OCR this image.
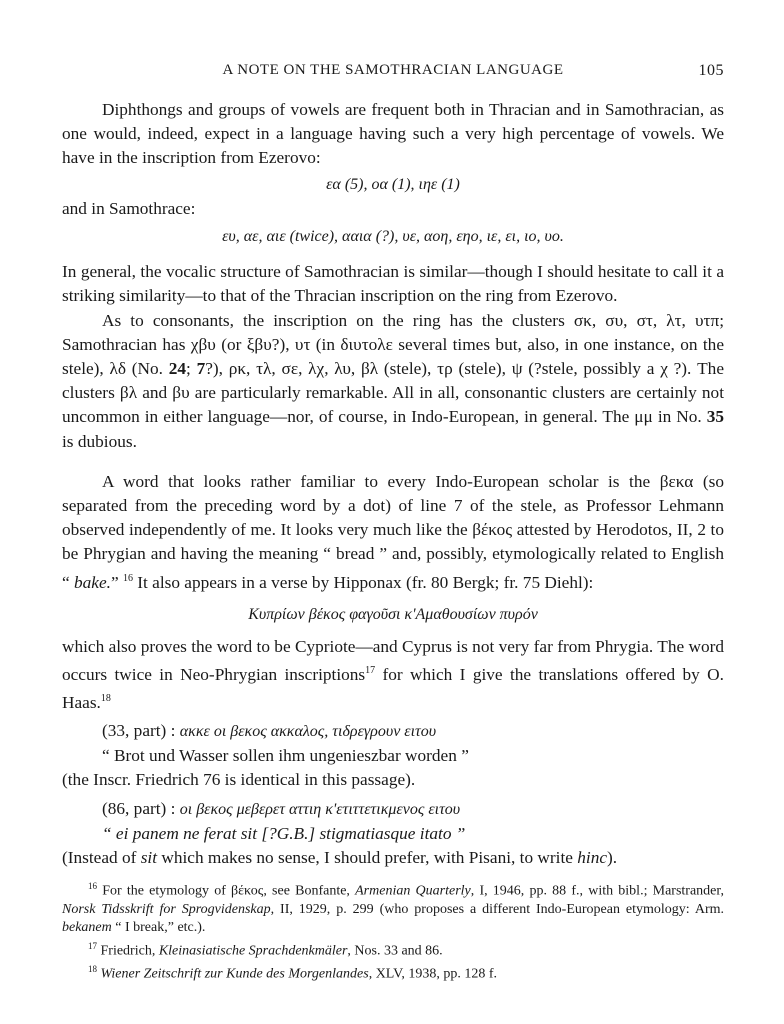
A NOTE ON THE SAMOTHRACIAN LANGUAGE	105

Diphthongs and groups of vowels are frequent both in Thracian and in Samothracian, as one would, indeed, expect in a language having such a very high percentage of vowels. We have in the inscription from Ezerovo:

εα (5), οα (1), ιηε (1)

and in Samothrace:

ευ, αε, αιε (twice), ααια (?), υε, αοη, εηο, ιε, ει, ιο, υο.

In general, the vocalic structure of Samothracian is similar—though I should hesitate to call it a striking similarity—to that of the Thracian inscription on the ring from Ezerovo.

As to consonants, the inscription on the ring has the clusters σκ, συ, στ, λτ, υτπ; Samothracian has χβυ (or ξβυ?), υτ (in διυτολε several times but, also, in one instance, on the stele), λδ (No. 24; 7?), ρκ, τλ, σε, λχ, λυ, βλ (stele), τρ (stele), ψ (?stele, possibly a χ ?). The clusters βλ and βυ are particularly remarkable. All in all, consonantic clusters are certainly not uncommon in either language—nor, of course, in Indo-European, in general. The μμ in No. 35 is dubious.

A word that looks rather familiar to every Indo-European scholar is the βεκα (so separated from the preceding word by a dot) of line 7 of the stele, as Professor Lehmann observed independently of me. It looks very much like the βέκος attested by Herodotos, II, 2 to be Phrygian and having the meaning “ bread ” and, possibly, etymologically related to English “ bake.” $^{16}$ It also appears in a verse by Hipponax (fr. 80 Bergk; fr. 75 Diehl):

Κυπρίων βέκος φαγοῦσι κ'Αμαθουσίων πυρόν

which also proves the word to be Cypriote—and Cyprus is not very far from Phrygia. The word occurs twice in Neo-Phrygian inscriptions$^{17}$ for which I give the translations offered by O. Haas.$^{18}$

(33, part) : ακκε οι βεκος ακκαλος, τιδρεγρουν ειτου

“ Brot und Wasser sollen ihm ungenieszbar worden ”

(the Inscr. Friedrich 76 is identical in this passage).

(86, part) : οι βεκος μεβερετ αττιη κ'ετιττετικμενος ειτου

“ ei panem ne ferat sit [?G.B.] stigmatiasque itato ”

(Instead of sit which makes no sense, I should prefer, with Pisani, to write hinc).

$^{16}$ For the etymology of βέκος, see Bonfante, Armenian Quarterly, I, 1946, pp. 88 f., with bibl.; Marstrander, Norsk Tidsskrift for Sprogvidenskap, II, 1929, p. 299 (who proposes a different Indo-European etymology: Arm. bekanem “ I break,” etc.).

$^{17}$ Friedrich, Kleinasiatische Sprachdenkmäler, Nos. 33 and 86.

$^{18}$ Wiener Zeitschrift zur Kunde des Morgenlandes, XLV, 1938, pp. 128 f.
